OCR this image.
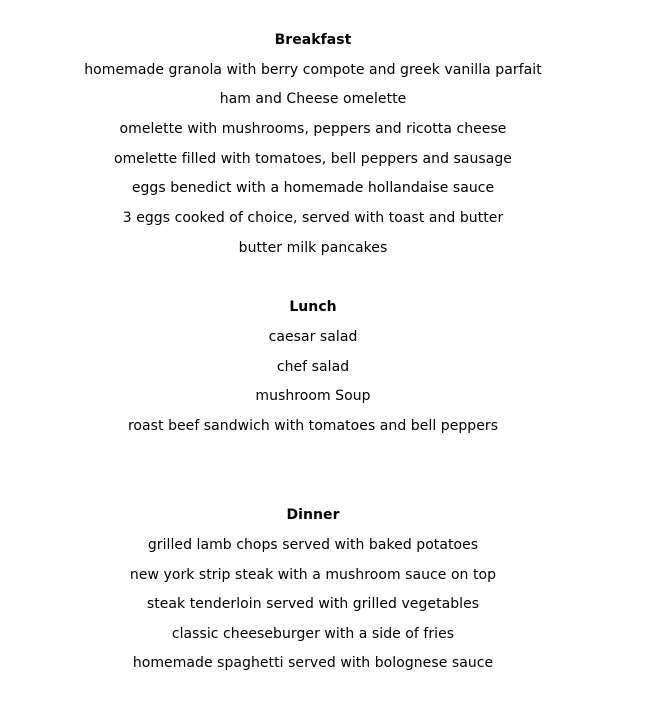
Breakfast
homemade granola with berry compote and greek vanilla parfait
ham and Cheese omelette
omelette with mushrooms, peppers and ricotta cheese
omelette filled with tomatoes, bell peppers and sausage
eggs benedict with a homemade hollandaise sauce
3 eggs cooked of choice, served with toast and butter
butter milk pancakes
Lunch
caesar salad
chef salad
mushroom Soup
roast beef sandwich with tomatoes and bell peppers
Dinner
grilled lamb chops served with baked potatoes
new york strip steak with a mushroom sauce on top
steak tenderloin served with grilled vegetables
classic cheeseburger with a side of fries
homemade spaghetti served with bolognese sauce
